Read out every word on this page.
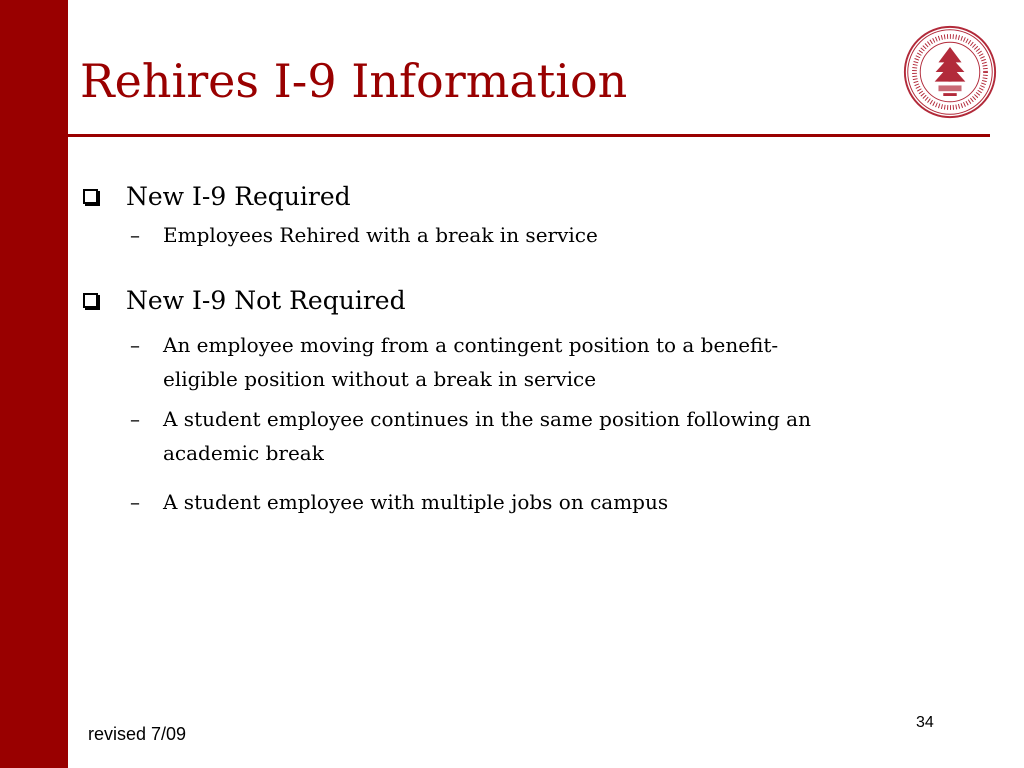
Rehires I-9 Information
New I-9 Required
– Employees Rehired with a break in service
New I-9 Not Required
– An employee moving from a contingent position to a benefit-
eligible position without a break in service
– A student employee continues in the same position following an
academic break
– A student employee with multiple jobs on campus
revised 7/09
34
